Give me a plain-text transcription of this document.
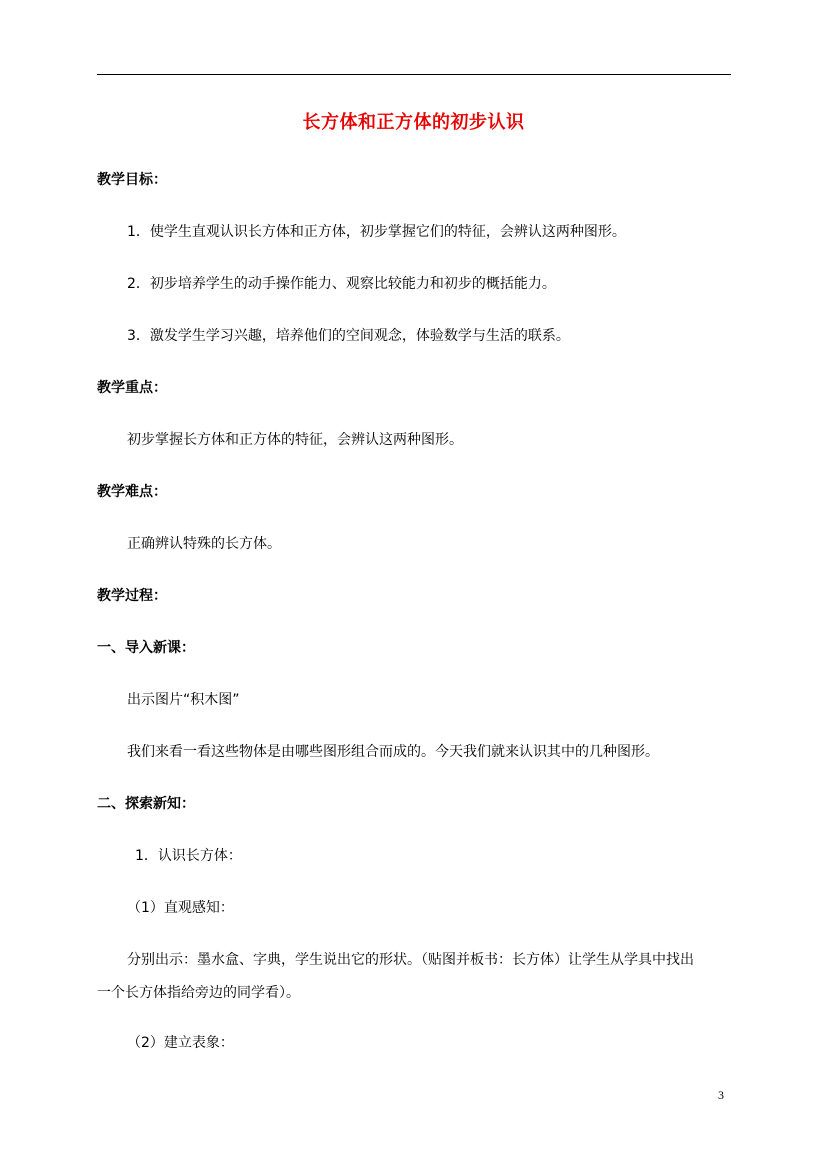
长方体和正方体的初步认识
教学目标：
1．使学生直观认识长方体和正方体，初步掌握它们的特征，会辨认这两种图形。
2．初步培养学生的动手操作能力、观察比较能力和初步的概括能力。
3．激发学生学习兴趣，培养他们的空间观念，体验数学与生活的联系。
教学重点：
初步掌握长方体和正方体的特征，会辨认这两种图形。
教学难点：
正确辨认特殊的长方体。
教学过程：
一、导入新课：
出示图片“积木图”
我们来看一看这些物体是由哪些图形组合而成的。今天我们就来认识其中的几种图形。
二、探索新知：
1．认识长方体：
（1）直观感知：
分别出示：墨水盒、字典，学生说出它的形状。（贴图并板书：长方体）让学生从学具中找出
一个长方体指给旁边的同学看）。
（2）建立表象：
3
